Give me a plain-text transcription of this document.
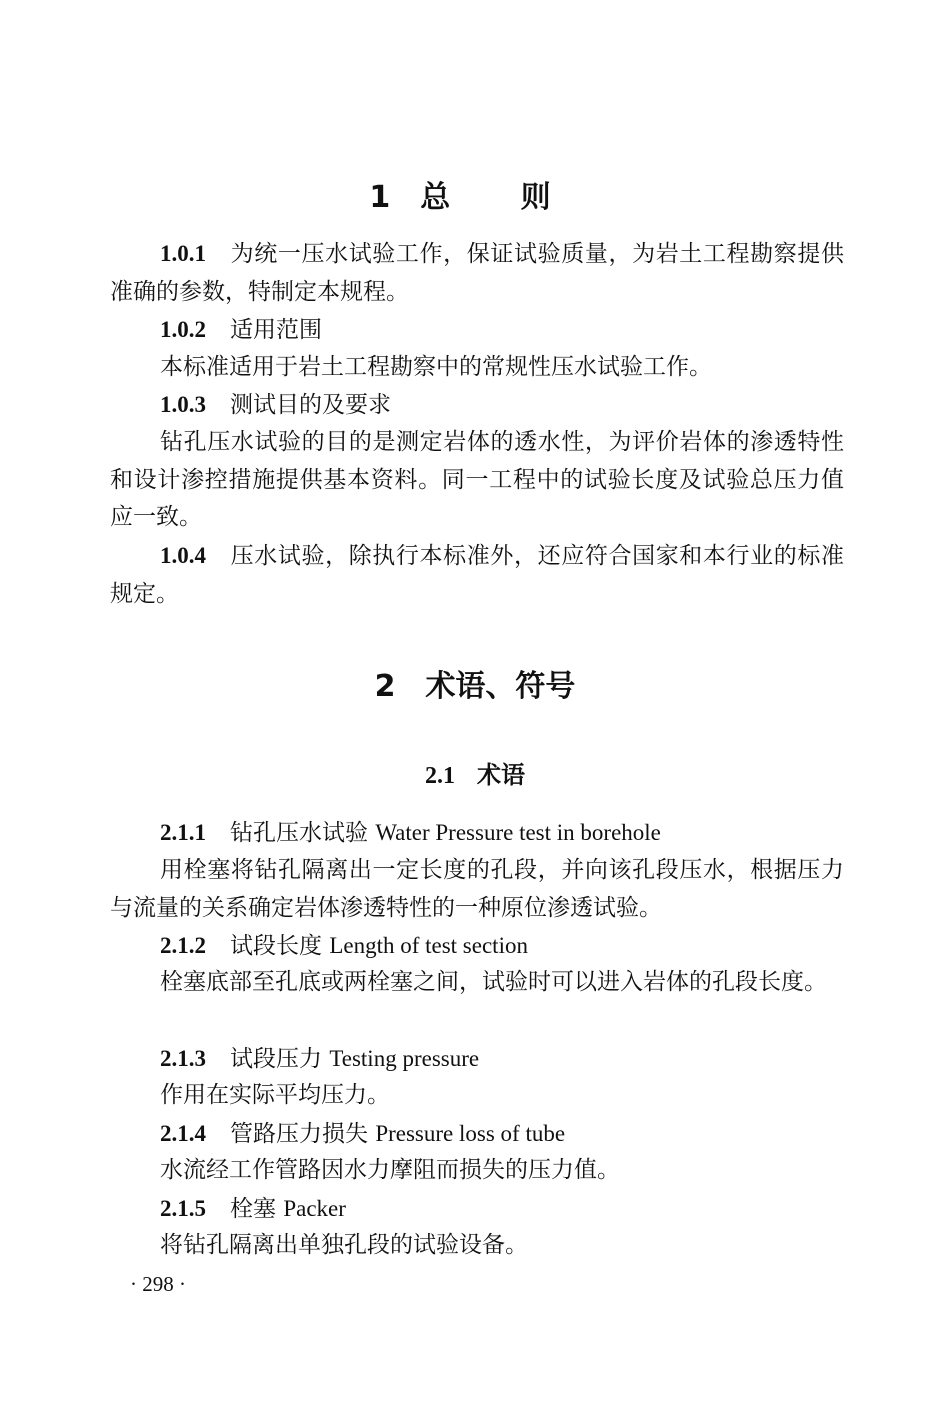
1 总 则

1.0.1 为统一压水试验工作，保证试验质量，为岩土工程勘察提供准确的参数，特制定本规程。

1.0.2 适用范围

本标准适用于岩土工程勘察中的常规性压水试验工作。

1.0.3 测试目的及要求

钻孔压水试验的目的是测定岩体的透水性，为评价岩体的渗透特性和设计渗控措施提供基本资料。同一工程中的试验长度及试验总压力值应一致。

1.0.4 压水试验，除执行本标准外，还应符合国家和本行业的标准规定。

2 术语、符号
2.1 术语

2.1.1 钻孔压水试验 Water Pressure test in borehole

用栓塞将钻孔隔离出一定长度的孔段，并向该孔段压水，根据压力与流量的关系确定岩体渗透特性的一种原位渗透试验。

2.1.2 试段长度 Length of test section

栓塞底部至孔底或两栓塞之间，试验时可以进入岩体的孔段长度。

2.1.3 试段压力 Testing pressure

作用在实际平均压力。

2.1.4 管路压力损失 Pressure loss of tube

水流经工作管路因水力摩阻而损失的压力值。

2.1.5 栓塞 Packer

将钻孔隔离出单独孔段的试验设备。

· 298 ·
